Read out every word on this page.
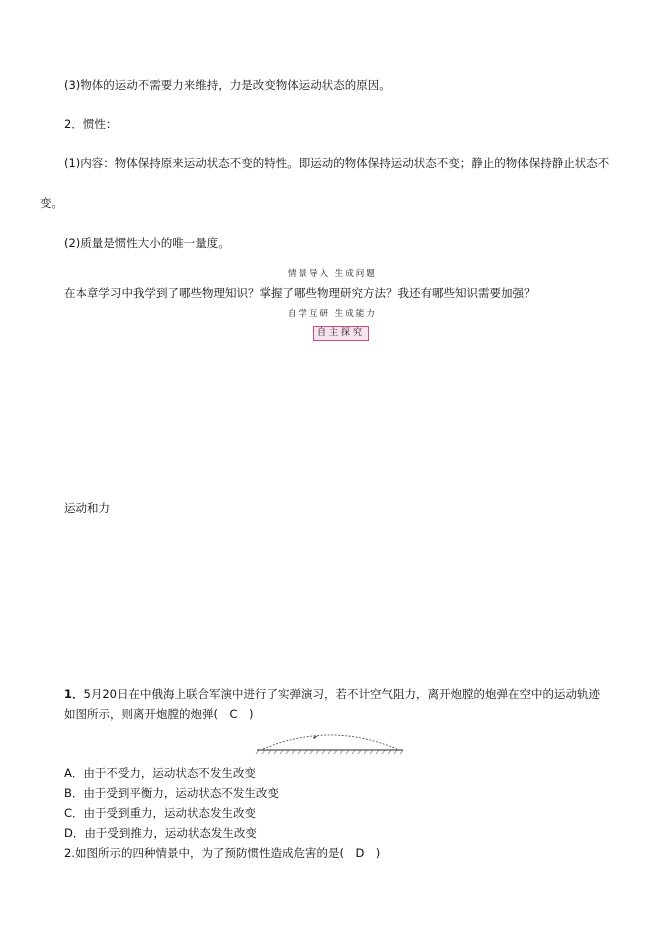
(3)物体的运动不需要力来维持，力是改变物体运动状态的原因。
2．惯性：
(1)内容：物体保持原来运动状态不变的特性。即运动的物体保持运动状态不变；静止的物体保持静止状态不
变。
(2)质量是惯性大小的唯一量度。
情景导入 生成问题
在本章学习中我学到了哪些物理知识？掌握了哪些物理研究方法？我还有哪些知识需要加强？
自学互研 生成能力
自主探究
运动和力
1．5月20日在中俄海上联合军演中进行了实弹演习，若不计空气阻力，离开炮膛的炮弹在空中的运动轨迹
如图所示，则离开炮膛的炮弹(　C　)
A．由于不受力，运动状态不发生改变
B．由于受到平衡力，运动状态不发生改变
C．由于受到重力，运动状态发生改变
D．由于受到推力，运动状态发生改变
2.如图所示的四种情景中，为了预防惯性造成危害的是(　D　)
